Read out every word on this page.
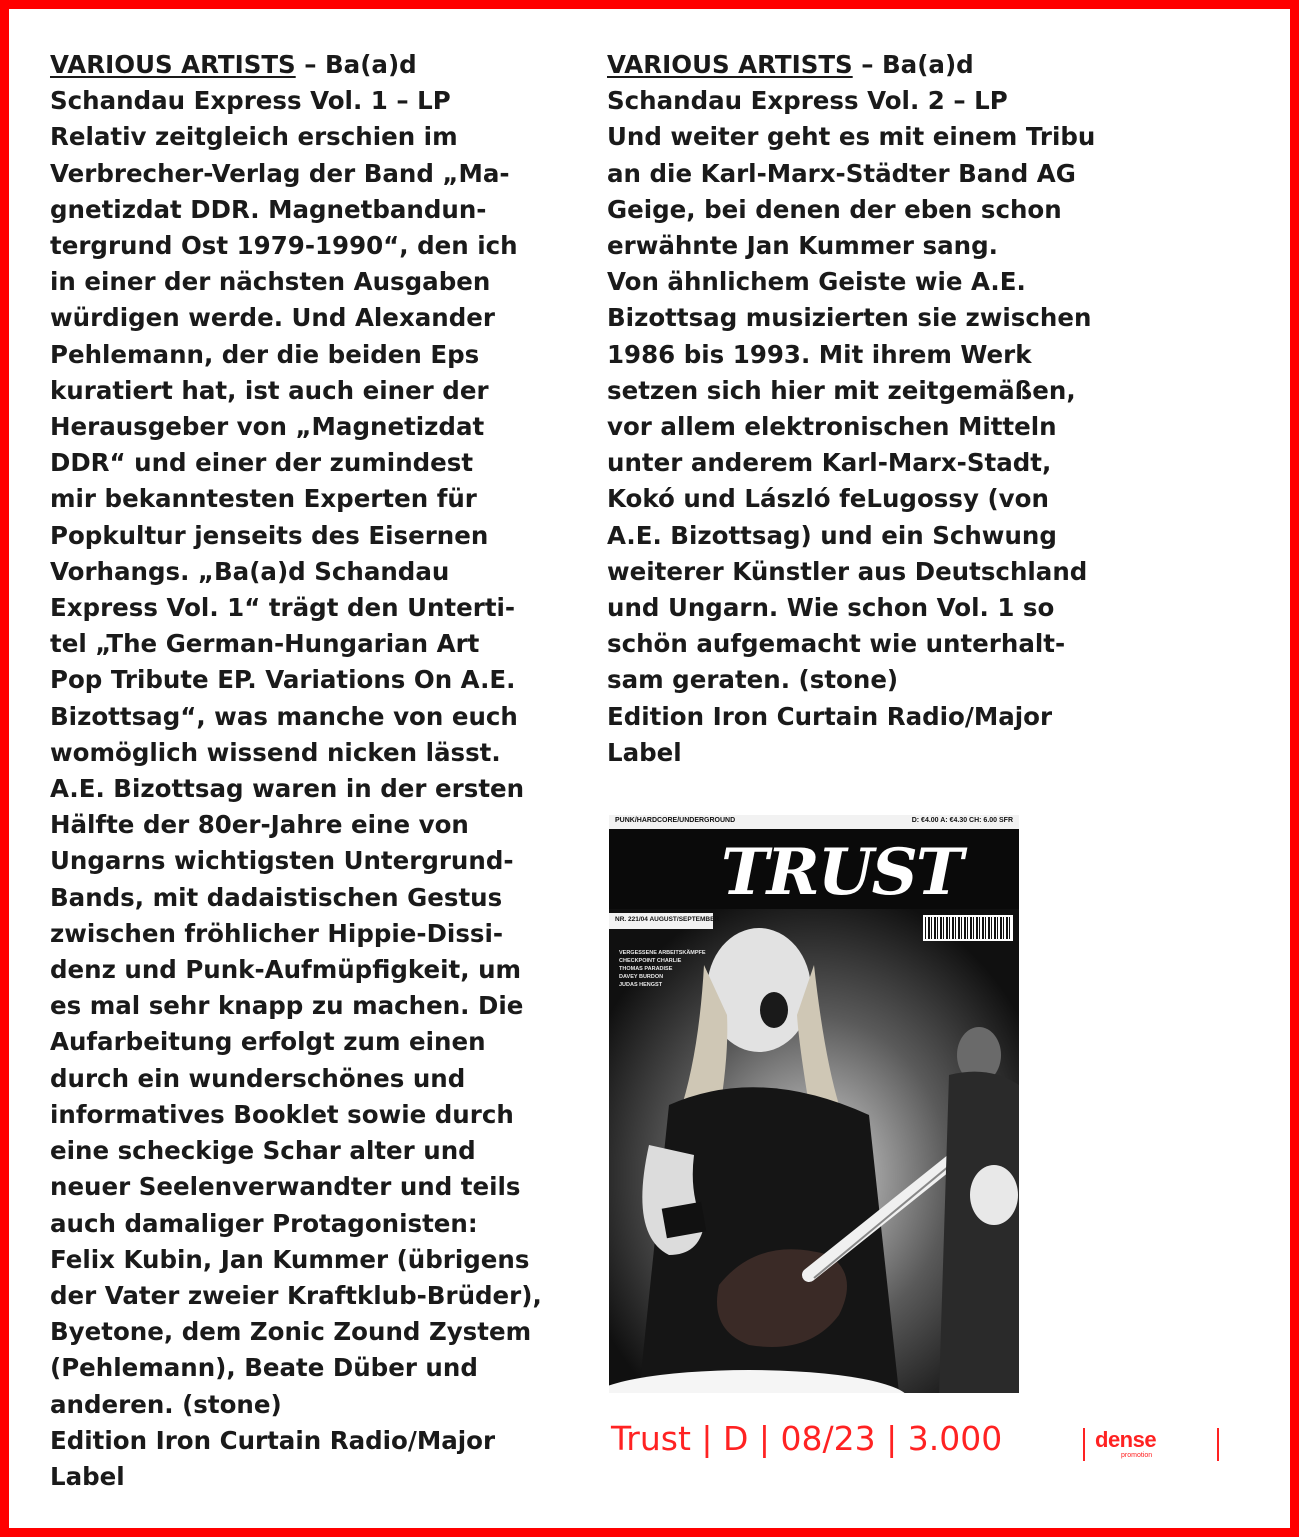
VARIOUS ARTISTS – Ba(a)d

Schandau Express Vol. 1 – LP

Relativ zeitgleich erschien im

Verbrecher-Verlag der Band „Ma-

gnetizdat DDR. Magnetbandun-

tergrund Ost 1979-1990“, den ich

in einer der nächsten Ausgaben

würdigen werde. Und Alexander

Pehlemann, der die beiden Eps

kuratiert hat, ist auch einer der

Herausgeber von „Magnetizdat

DDR“ und einer der zumindest

mir bekanntesten Experten für

Popkultur jenseits des Eisernen

Vorhangs. „Ba(a)d Schandau

Express Vol. 1“ trägt den Unterti-

tel „The German-Hungarian Art

Pop Tribute EP. Variations On A.E.

Bizottsag“, was manche von euch

womöglich wissend nicken lässt.

A.E. Bizottsag waren in der ersten

Hälfte der 80er-Jahre eine von

Ungarns wichtigsten Untergrund-

Bands, mit dadaistischen Gestus

zwischen fröhlicher Hippie-Dissi-

denz und Punk-Aufmüpfigkeit, um

es mal sehr knapp zu machen. Die

Aufarbeitung erfolgt zum einen

durch ein wunderschönes und

informatives Booklet sowie durch

eine scheckige Schar alter und

neuer Seelenverwandter und teils

auch damaliger Protagonisten:

Felix Kubin, Jan Kummer (übrigens

der Vater zweier Kraftklub-Brüder),

Byetone, dem Zonic Zound Zystem

(Pehlemann), Beate Düber und

anderen. (stone)

Edition Iron Curtain Radio/Major

Label

VARIOUS ARTISTS – Ba(a)d

Schandau Express Vol. 2 – LP

Und weiter geht es mit einem Tribu

an die Karl-Marx-Städter Band AG

Geige, bei denen der eben schon

erwähnte Jan Kummer sang.

Von ähnlichem Geiste wie A.E.

Bizottsag musizierten sie zwischen

1986 bis 1993. Mit ihrem Werk

setzen sich hier mit zeitgemäßen,

vor allem elektronischen Mitteln

unter anderem Karl-Marx-Stadt,

Kokó und László feLugossy (von

A.E. Bizottsag) und ein Schwung

weiterer Künstler aus Deutschland

und Ungarn. Wie schon Vol. 1 so

schön aufgemacht wie unterhalt-

sam geraten. (stone)

Edition Iron Curtain Radio/Major

Label

PUNK/HARDCORE/UNDERGROUND	D: €4.00 A: €4.30 CH: 6.00 SFR
TRUST
NR. 221/04 AUGUST/SEPTEMBER
VERGESSENE ARBEITSKÄMPFE
CHECKPOINT CHARLIE
THOMAS PARADISE
DAVEY BURDON
JUDAS HENGST
Trust | D | 08/23 | 3.000	dense
promotion
